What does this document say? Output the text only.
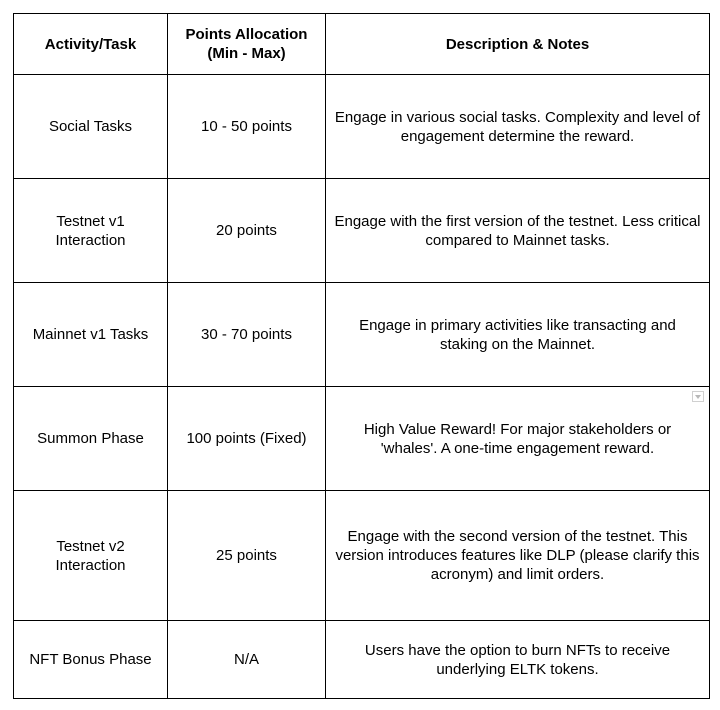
Activity/Task	Points Allocation (Min - Max)	Description & Notes
Social Tasks	10 - 50 points	Engage in various social tasks. Complexity and level of engagement determine the reward.
Testnet v1 Interaction	20 points	Engage with the first version of the testnet. Less critical compared to Mainnet tasks.
Mainnet v1 Tasks	30 - 70 points	Engage in primary activities like transacting and staking on the Mainnet.
Summon Phase	100 points (Fixed)	High Value Reward! For major stakeholders or 'whales'. A one-time engagement reward.
Testnet v2 Interaction	25 points	Engage with the second version of the testnet. This version introduces features like DLP (please clarify this acronym) and limit orders.
NFT Bonus Phase	N/A	Users have the option to burn NFTs to receive underlying ELTK tokens.
